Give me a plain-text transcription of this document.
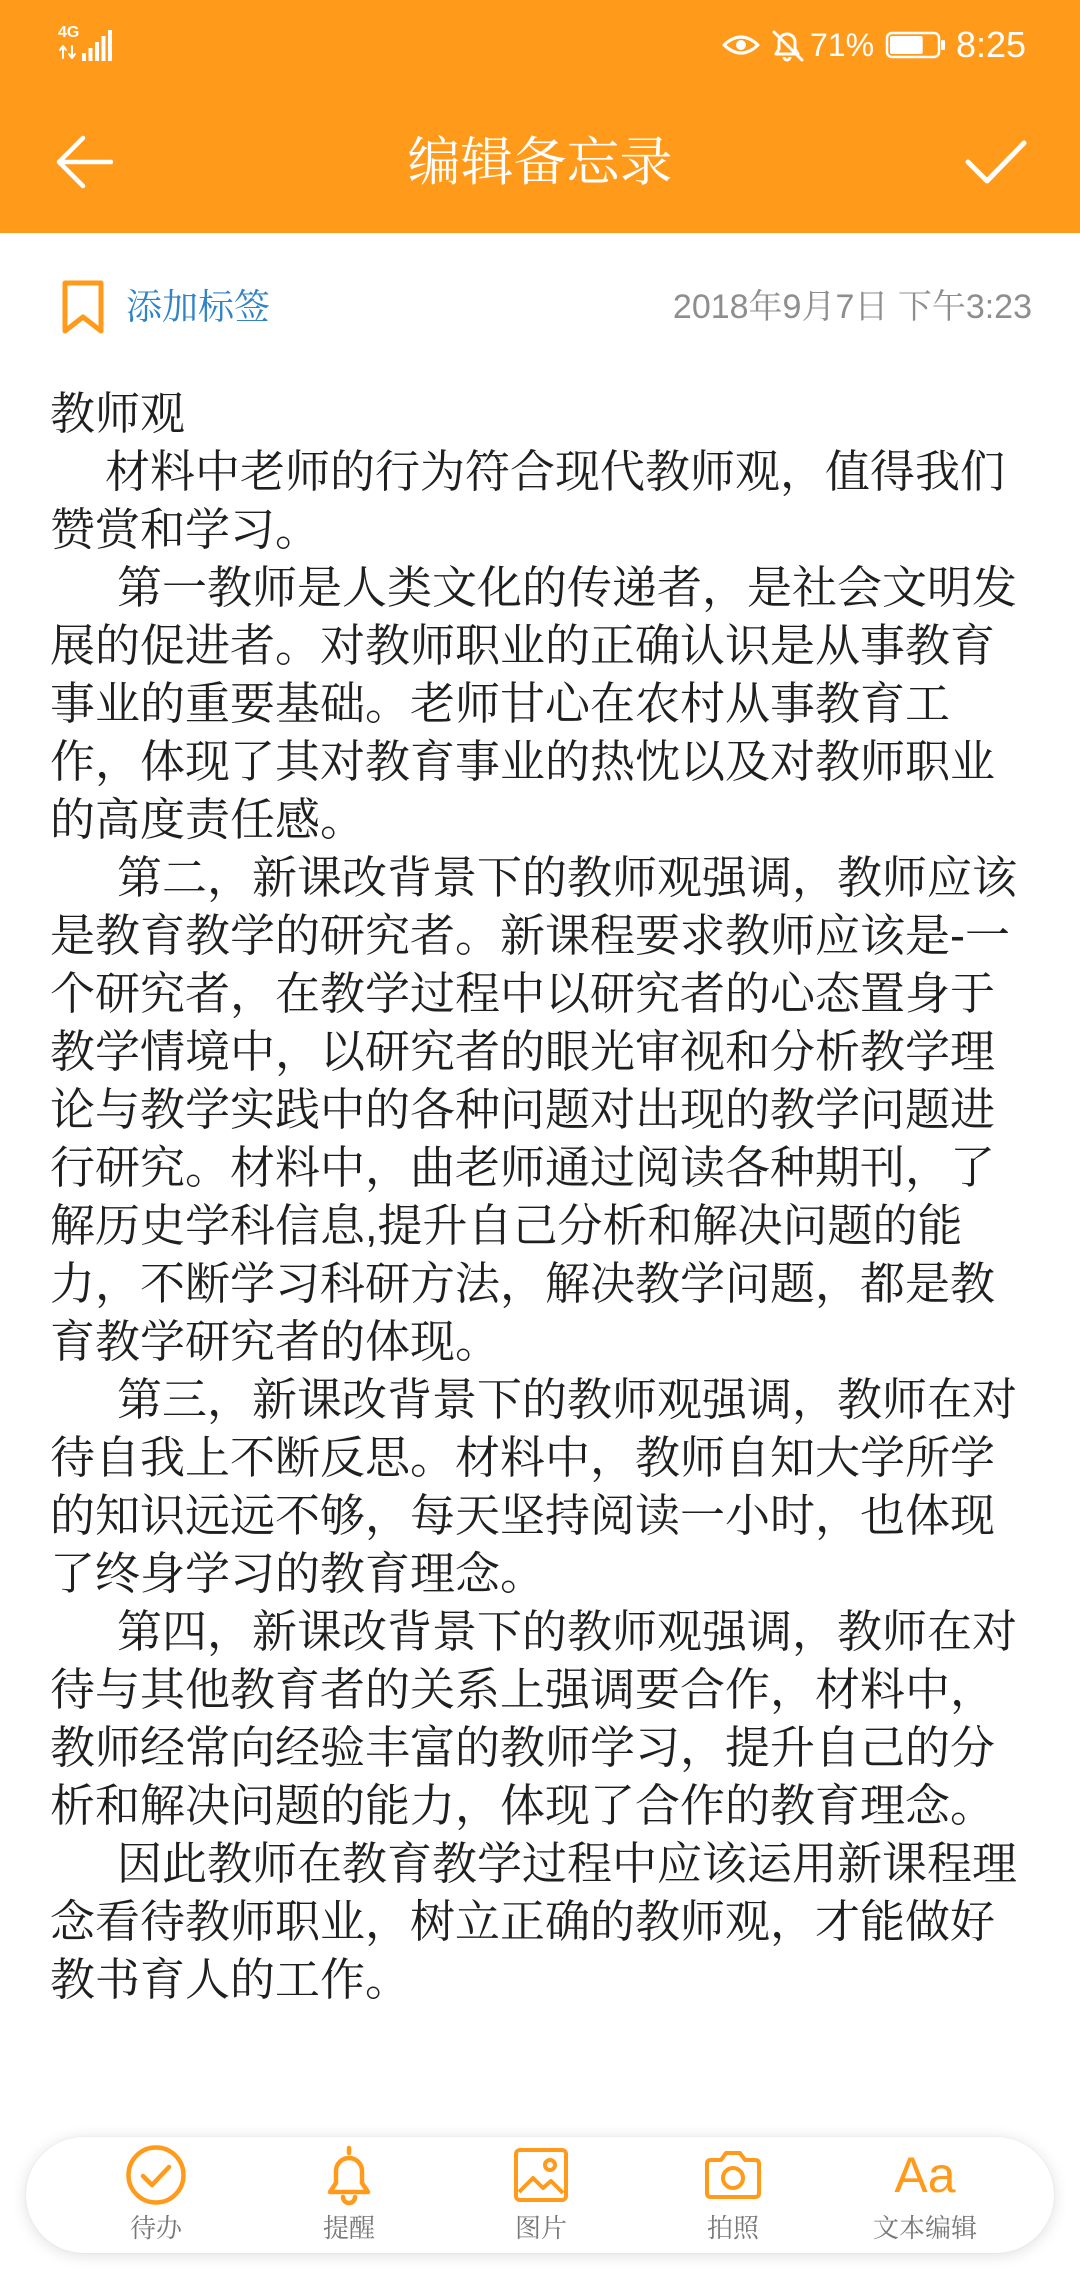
4G	71% 8:25
编辑备忘录
添加标签	2018年9月7日 下午3:23
教师观
材料中老师的行为符合现代教师观，值得我们
赞赏和学习。
第一教师是人类文化的传递者，是社会文明发
展的促进者。对教师职业的正确认识是从事教育
事业的重要基础。老师甘心在农村从事教育工
作，体现了其对教育事业的热忱以及对教师职业
的高度责任感。
第二，新课改背景下的教师观强调，教师应该
是教育教学的研究者。新课程要求教师应该是-一
个研究者，在教学过程中以研究者的心态置身于
教学情境中，以研究者的眼光审视和分析教学理
论与教学实践中的各种问题对出现的教学问题进
行研究。材料中，曲老师通过阅读各种期刊，了
解历史学科信息,提升自己分析和解决问题的能
力，不断学习科研方法，解决教学问题，都是教
育教学研究者的体现。
第三，新课改背景下的教师观强调，教师在对
待自我上不断反思。材料中，教师自知大学所学
的知识远远不够，每天坚持阅读一小时，也体现
了终身学习的教育理念。
第四，新课改背景下的教师观强调，教师在对
待与其他教育者的关系上强调要合作，材料中，
教师经常向经验丰富的教师学习，提升自己的分
析和解决问题的能力，体现了合作的教育理念。
因此教师在教育教学过程中应该运用新课程理
念看待教师职业，树立正确的教师观，才能做好
教书育人的工作。
待办	提醒	图片	拍照
Aa
文本编辑
